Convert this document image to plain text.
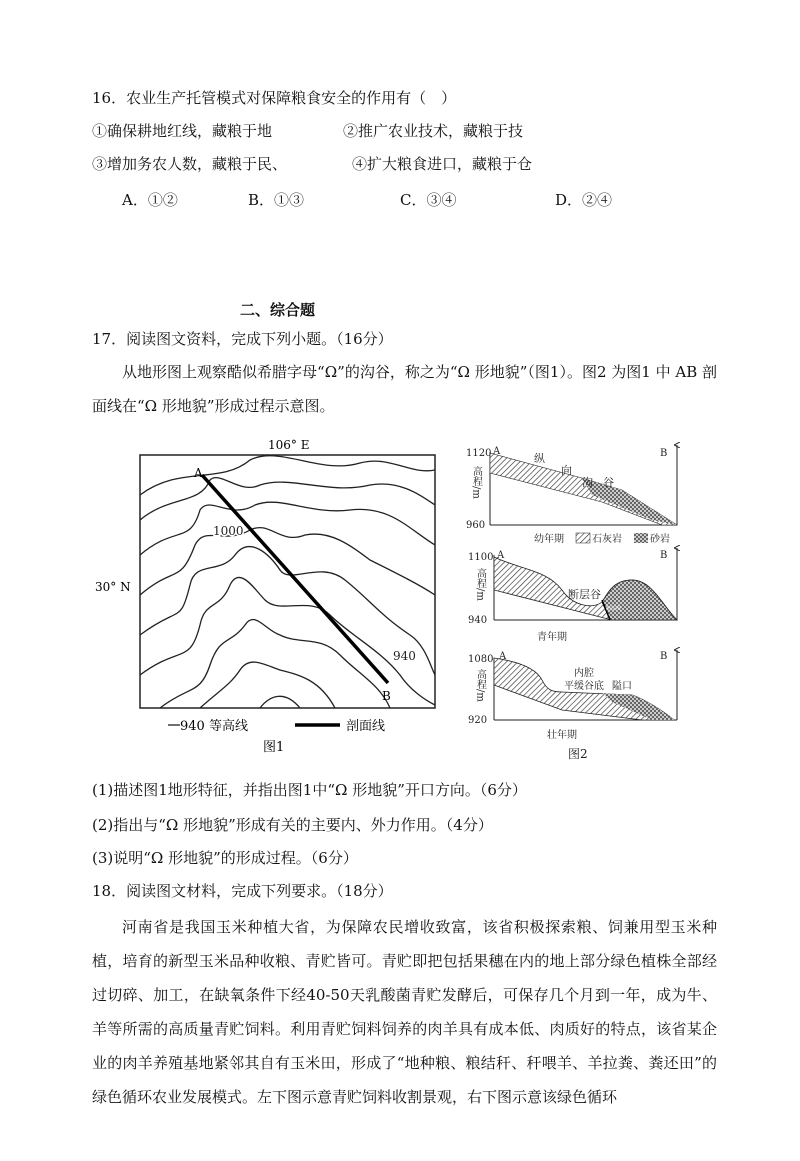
16．农业生产托管模式对保障粮食安全的作用有（　）
①确保耕地红线，藏粮于地	②推广农业技术，藏粮于技
③增加务农人数，藏粮于民、	④扩大粮食进口，藏粮于仓
A．①②	B．①③	C．③④	D．②④
二、综合题
17．阅读图文资料，完成下列小题。（16分）
从地形图上观察酷似希腊字母“Ω”的沟谷，称之为“Ω 形地貌”（图1）。图2 为图1 中 AB 剖面线在“Ω 形地貌”形成过程示意图。
A
B
1000
940
106° E
30° N
940 等高线	剖面线
图1
1120
960
A	B
纵
向
沟 谷
高程/m
幼年期	石灰岩	砂岩
1100
940
A	B
断层谷
断层线
高程/m
青年期
1080
920
A	B
内腔
平缓谷底 隘口
高程/m
壮年期
图2
(1)描述图1地形特征，并指出图1中“Ω 形地貌”开口方向。（6分）
(2)指出与“Ω 形地貌”形成有关的主要内、外力作用。（4分）
(3)说明“Ω 形地貌”的形成过程。（6分）
18．阅读图文材料，完成下列要求。（18分）
河南省是我国玉米种植大省，为保障农民增收致富，该省积极探索粮、饲兼用型玉米种植，培育的新型玉米品种收粮、青贮皆可。青贮即把包括果穗在内的地上部分绿色植株全部经过切碎、加工，在缺氧条件下经40-50天乳酸菌青贮发酵后，可保存几个月到一年，成为牛、羊等所需的高质量青贮饲料。利用青贮饲料饲养的肉羊具有成本低、肉质好的特点，该省某企业的肉羊养殖基地紧邻其自有玉米田，形成了“地种粮、粮结秆、秆喂羊、羊拉粪、粪还田”的绿色循环农业发展模式。左下图示意青贮饲料收割景观，右下图示意该绿色循环
